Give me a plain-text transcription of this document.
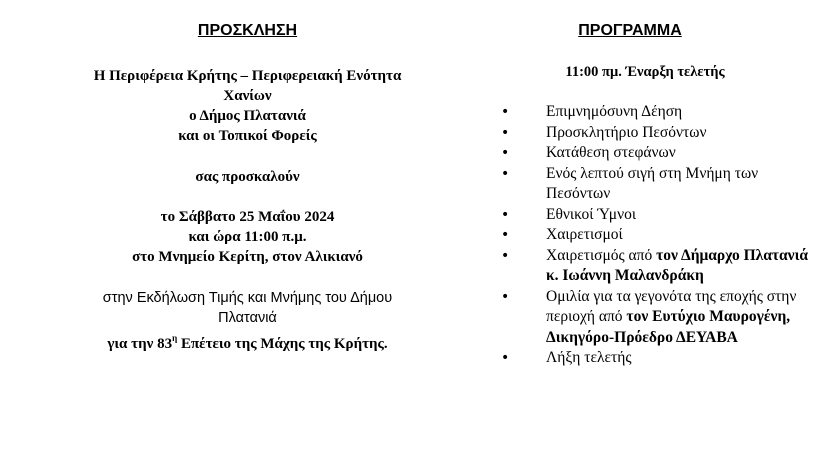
ΠΡΟΣΚΛΗΣΗ
Η Περιφέρεια Κρήτης – Περιφερειακή Ενότητα
Χανίων
ο Δήμος Πλατανιά
και οι Τοπικοί Φορείς
σας προσκαλούν
το Σάββατο 25 Μαΐου 2024
και ώρα 11:00 π.μ.
στο Μνημείο Κερίτη, στον Αλικιανό
στην Εκδήλωση Τιμής και Μνήμης του Δήμου
Πλατανιά
για την $83^\eta$ Επέτειο της Μάχης της Κρήτης.
ΠΡΟΓΡΑΜΜΑ
11:00 πμ. Έναρξη τελετής
• Επιμνημόσυνη Δέηση
• Προσκλητήριο Πεσόντων
• Κατάθεση στεφάνων
• Ενός λεπτού σιγή στη Μνήμη των Πεσόντων
• Εθνικοί Ύμνοι
• Χαιρετισμοί
• Χαιρετισμός από τον Δήμαρχο Πλατανιά κ. Ιωάννη Μαλανδράκη
• Ομιλία για τα γεγονότα της εποχής στην περιοχή από τον Ευτύχιο Μαυρογένη, Δικηγόρο-Πρόεδρο ΔΕΥΑΒΑ
• Λήξη τελετής
